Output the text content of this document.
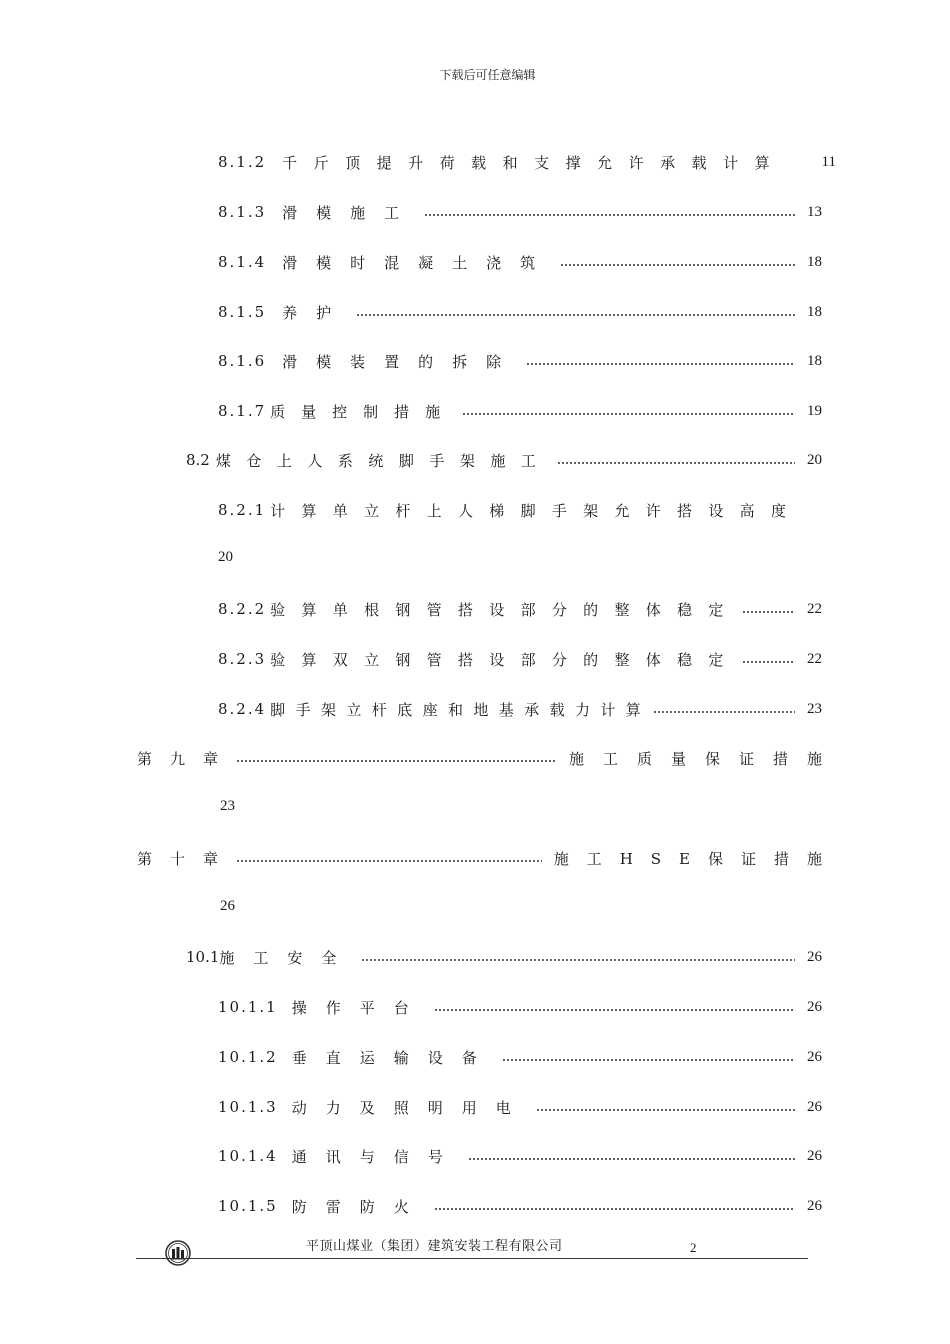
下载后可任意编辑
8.1.2 千斤顶提升荷载和支撑允许承载计算 11
8.1.3 滑模施工	13
8.1.4 滑模时混凝土浇筑	18
8.1.5 养护	18
8.1.6 滑模装置的拆除	18
8.1.7 质量控制措施	19
8.2 煤仓上人系统脚手架施工	20
8.2.1 计算单立杆上人梯脚手架允许搭设高度
20
8.2.2 验算单根钢管搭设部分的整体稳定	22
8.2.3 验算双立钢管搭设部分的整体稳定	22
8.2.4 脚手架立杆底座和地基承载力计算	23
第九章	施工质量保证措施
23
第十章	施工HSE保证措施
26
10.1 施工安全	26
10.1.1 操作平台	26
10.1.2 垂直运输设备	26
10.1.3 动力及照明用电	26
10.1.4 通讯与信号	26
10.1.5 防雷防火	26
平顶山煤业（集团）建筑安装工程有限公司	2
